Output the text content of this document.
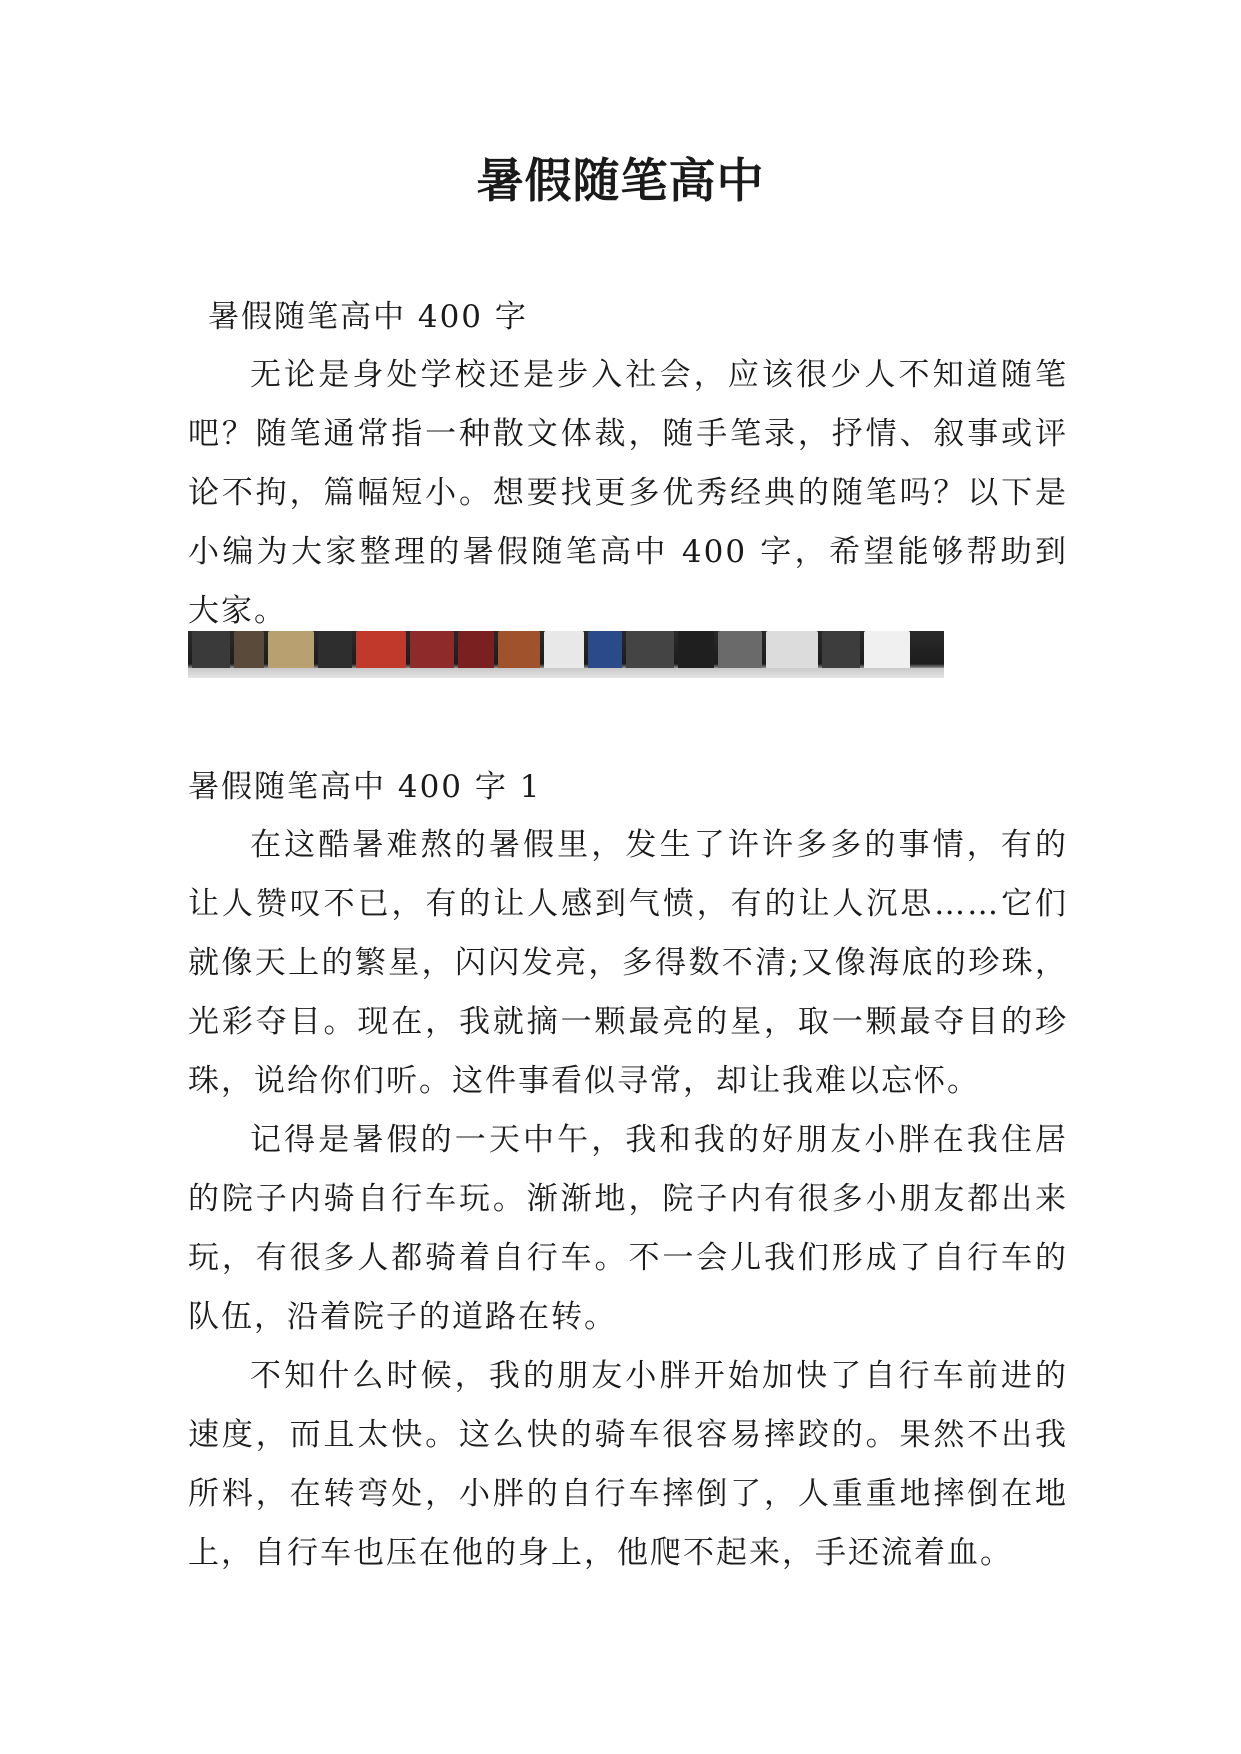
暑假随笔高中

暑假随笔高中 400 字

无论是身处学校还是步入社会，应该很少人不知道随笔吧？随笔通常指一种散文体裁，随手笔录，抒情、叙事或评论不拘，篇幅短小。想要找更多优秀经典的随笔吗？以下是小编为大家整理的暑假随笔高中 400 字，希望能够帮助到大家。

暑假随笔高中 400 字 1

在这酷暑难熬的暑假里，发生了许许多多的事情，有的让人赞叹不已，有的让人感到气愤，有的让人沉思……它们就像天上的繁星，闪闪发亮，多得数不清;又像海底的珍珠，光彩夺目。现在，我就摘一颗最亮的星，取一颗最夺目的珍珠，说给你们听。这件事看似寻常，却让我难以忘怀。

记得是暑假的一天中午，我和我的好朋友小胖在我住居的院子内骑自行车玩。渐渐地，院子内有很多小朋友都出来玩，有很多人都骑着自行车。不一会儿我们形成了自行车的队伍，沿着院子的道路在转。

不知什么时候，我的朋友小胖开始加快了自行车前进的速度，而且太快。这么快的骑车很容易摔跤的。果然不出我所料，在转弯处，小胖的自行车摔倒了，人重重地摔倒在地上，自行车也压在他的身上，他爬不起来，手还流着血。
